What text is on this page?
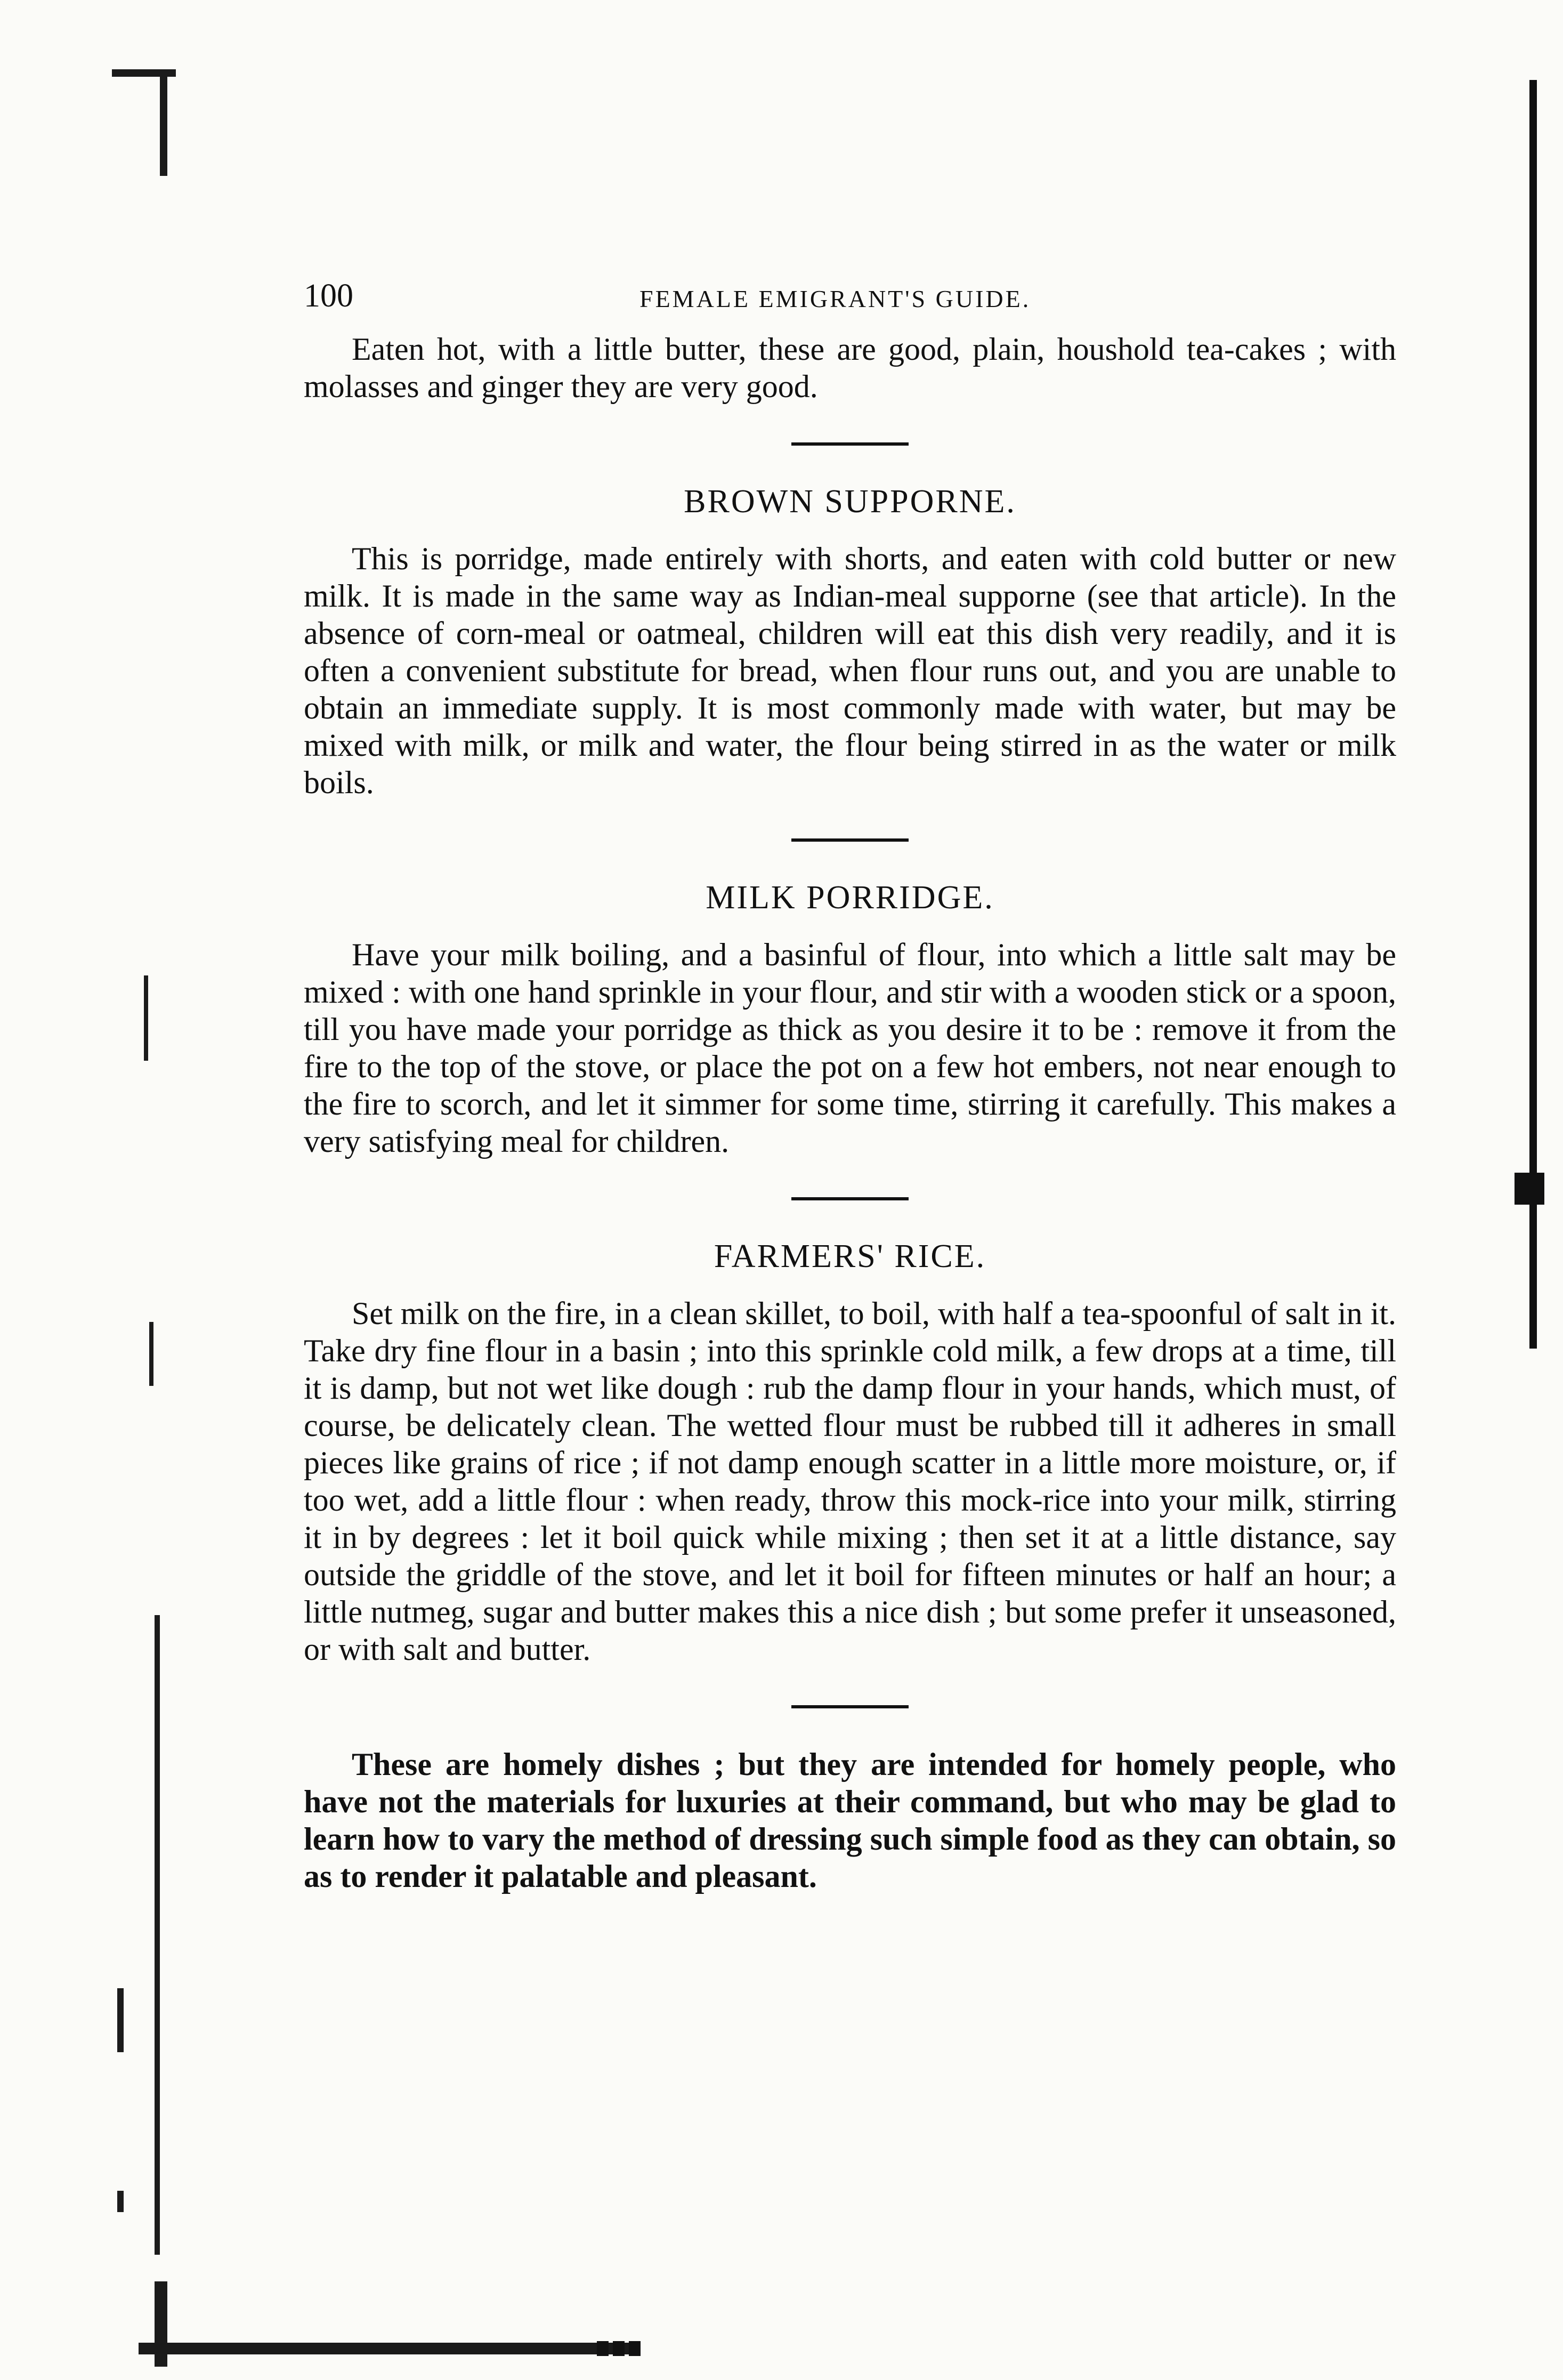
100	FEMALE EMIGRANT'S GUIDE.

Eaten hot, with a little butter, these are good, plain, houshold tea-cakes ; with molasses and ginger they are very good.

BROWN SUPPORNE.

This is porridge, made entirely with shorts, and eaten with cold butter or new milk. It is made in the same way as Indian-meal supporne (see that article). In the absence of corn-meal or oatmeal, children will eat this dish very readily, and it is often a convenient substitute for bread, when flour runs out, and you are unable to obtain an immediate supply. It is most commonly made with water, but may be mixed with milk, or milk and water, the flour being stirred in as the water or milk boils.

MILK PORRIDGE.

Have your milk boiling, and a basinful of flour, into which a little salt may be mixed : with one hand sprinkle in your flour, and stir with a wooden stick or a spoon, till you have made your porridge as thick as you desire it to be : remove it from the fire to the top of the stove, or place the pot on a few hot embers, not near enough to the fire to scorch, and let it simmer for some time, stirring it carefully. This makes a very satisfying meal for children.

FARMERS' RICE.

Set milk on the fire, in a clean skillet, to boil, with half a tea-spoonful of salt in it. Take dry fine flour in a basin ; into this sprinkle cold milk, a few drops at a time, till it is damp, but not wet like dough : rub the damp flour in your hands, which must, of course, be delicately clean. The wetted flour must be rubbed till it adheres in small pieces like grains of rice ; if not damp enough scatter in a little more moisture, or, if too wet, add a little flour : when ready, throw this mock-rice into your milk, stirring it in by degrees : let it boil quick while mixing ; then set it at a little distance, say outside the griddle of the stove, and let it boil for fifteen minutes or half an hour; a little nutmeg, sugar and butter makes this a nice dish ; but some prefer it unseasoned, or with salt and butter.

These are homely dishes ; but they are intended for homely people, who have not the materials for luxuries at their command, but who may be glad to learn how to vary the method of dressing such simple food as they can obtain, so as to render it palatable and pleasant.
